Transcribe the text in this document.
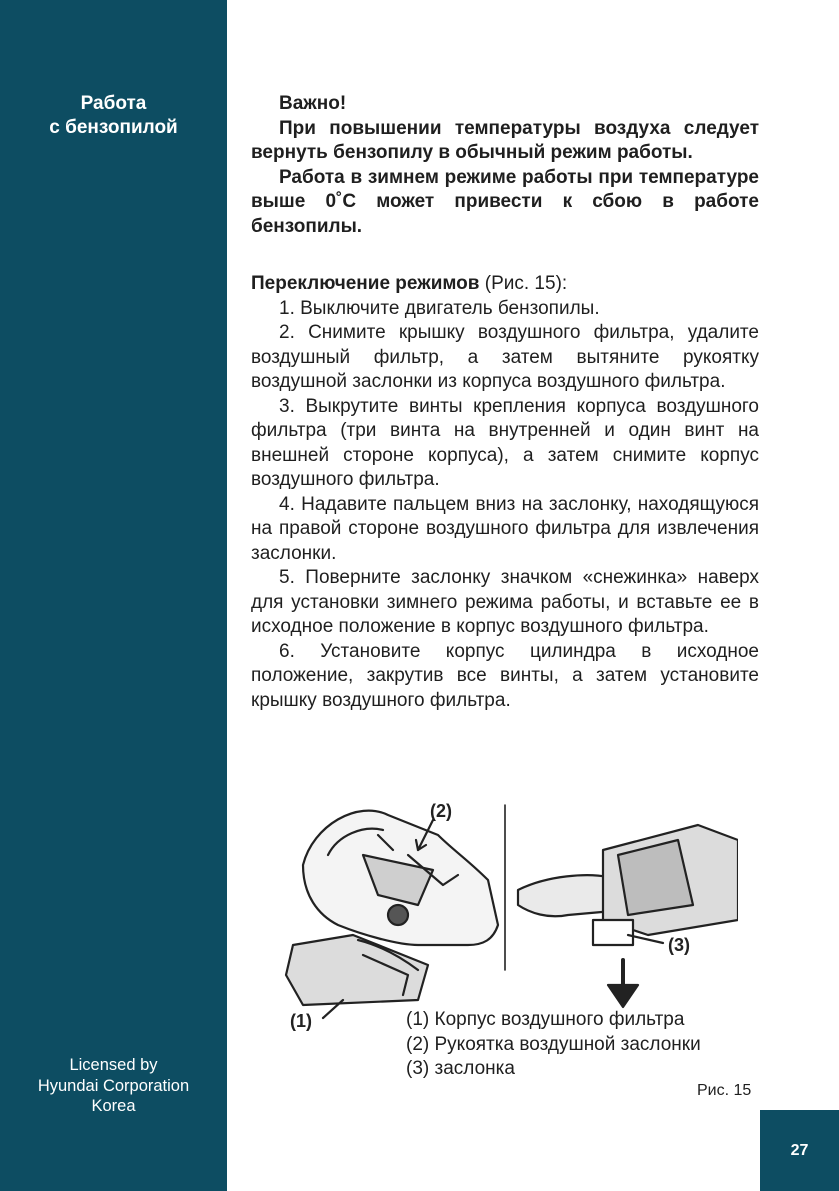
Работа
с бензопилой
Licensed by
Hyundai Corporation
Korea

Важно!

При повышении температуры воздуха следует вернуть бензопилу в обычный режим работы.

Работа в зимнем режиме работы при температуре выше 0˚С может привести к сбою в работе бензопилы.

Переключение режимов (Рис. 15):

1. Выключите двигатель бензопилы.

2. Снимите крышку воздушного фильтра, удалите воздушный фильтр, а затем вытяните рукоятку воздушной заслонки из корпуса воздушного фильтра.

3. Выкрутите винты крепления корпуса воздушного фильтра (три винта на внутренней и один винт на внешней стороне корпуса), а затем снимите корпус воздушного фильтра.

4. Надавите пальцем вниз на заслонку, находящуюся на правой стороне воздушного фильтра для извлечения заслонки.

5. Поверните заслонку значком «снежинка» наверх для установки зимнего режима работы, и вставьте ее в исходное положение в корпус воздушного фильтра.

6. Установите корпус цилиндра в исходное положение, закрутив все винты, а затем установите крышку воздушного фильтра.

(2)
(1)
(3)
(1) Корпус воздушного фильтра
(2) Рукоятка воздушной заслонки
(3) заслонка
Рис. 15
27
